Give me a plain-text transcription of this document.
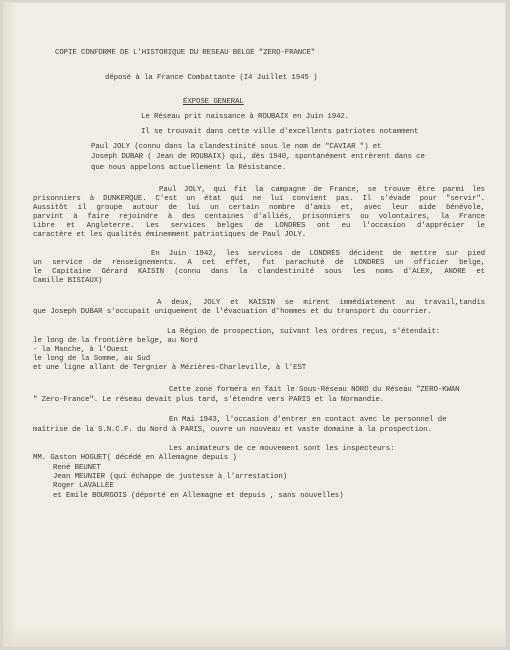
COPIE CONFORME DE L'HISTORIQUE DU RESEAU BELGE "ZERO-FRANCE"

déposé à la France Combattante (I4 Juillet 1945 )

EXPOSE GENERAL

Le Réseau prit naissance à ROUBAIX en Juin 1942.

Il se trouvait dans cette ville d'excellents patriotes notamment

Paul JOLY (connu dans la clandestinité sous le nom de "CAVIAR ") et

Joseph DUBAR ( Jean de ROUBAIX) qui, dès 1940, spontanément entrèrent dans ce

que nous appelons actuellement la Résistance.

Paul JOLY, qui fit la campagne de France, se trouve être parmi les

prisonniers à DUNKERQUE. C'est un état qui ne lui convient pas. Il s'évade pour "servir".

Aussitôt il groupe autour de lui un certain nombre d'amis et, avec leur aide bénévole,

parvint à faire rejoindre à des centaines d'alliés, prisonniers ou volontaires, la France

Libre et Angleterre. Les services belges de LONDRES ont eu l'occasion d'apprécier le

caractère et les qualités éminemment patriotiques de Paul JOLY.

En Juin 1942, les services de LONDRES décident de mettre sur pied

un service de renseignements. A cet effet, fut parachuté de LONDRES un officier belge,

le Capitaine Gérard KAISIN (connu dans la clandestinité sous les noms d'ALEX, ANDRE et

Camille BISIAUX)

A deux, JOLY et KAISIN se mirent immédiatement au travail,tandis

que Joseph DUBAR s'occupait uniquement de l'évacuation d'hommes et du transport du courrier.

La Région de prospection, suivant les ordres reçus, s'étendait:

le long de la frontière belge, au Nord

- la Manche, à l'Ouest

le long de la Somme, au Sud

et une ligne allant de Tergnier à Mézières-Charleville, à l'EST

Cette zone formera en fait le Sous-Réseau NORD du Réseau "ZERO-KWAN

" Zero-France". Le réseau devait plus tard, s'étendre vers PARIS et la Normandie.

En Mai 1943, l'occasion d'entrer en contact avec le personnel de

maîtrise de la S.N.C.F. du Nord à PARIS, ouvre un nouveau et vaste domaine à la prospection.

Les animateurs de ce mouvement sont les inspecteurs:

MM. Gaston HOGUET( décédé en Allemagne depuis )

René BEUNET

Jean MEUNIER (qui échappe de justesse à l'arrestation)

Roger LAVALLEE

et Emile BOURGOIS (déporté en Allemagne et depuis , sans nouvelles)
